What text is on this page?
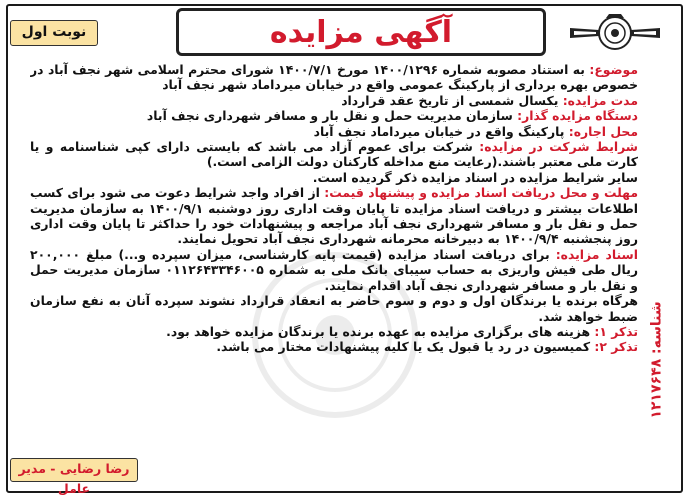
نوبت اول	آگهی مزایده

موضوع: به استناد مصوبه شماره ۱۴۰۰/۱۲۹۶ مورخ ۱۴۰۰/۷/۱ شورای محترم اسلامی شهر نجف آباد در خصوص بهره برداری از پارکینگ عمومی واقع در خیابان میرداماد شهر نجف آباد

مدت مزایده: یکسال شمسی از تاریخ عقد قرارداد

دستگاه مزایده گذار: سازمان مدیریت حمل و نقل بار و مسافر شهرداری نجف آباد

محل اجاره: پارکینگ واقع در خیابان میرداماد نجف آباد

شرایط شرکت در مزایده: شرکت برای عموم آزاد می باشد که بایستی دارای کپی شناسنامه و یا کارت ملی معتبر باشند.(رعایت منع مداخله کارکنان دولت الزامی است.)

سایر شرایط مزایده در اسناد مزایده ذکر گردیده است.

مهلت و محل دریافت اسناد مزایده و پیشنهاد قیمت: از افراد واجد شرایط دعوت می شود برای کسب اطلاعات بیشتر و دریافت اسناد مزایده تا پایان وقت اداری روز دوشنبه ۱۴۰۰/۹/۱ به سازمان مدیریت حمل و نقل بار و مسافر شهرداری نجف آباد مراجعه و پیشنهادات خود را حداکثر تا پایان وقت اداری روز پنجشنبه ۱۴۰۰/۹/۴ به دبیرخانه محرمانه شهرداری نجف آباد تحویل نمایند.

اسناد مزایده: برای دریافت اسناد مزایده (قیمت پایه کارشناسی، میزان سپرده و...) مبلغ ۲۰۰,۰۰۰ ریال طی فیش واریزی به حساب سیبای بانک ملی به شماره ۰۱۱۲۶۴۳۳۴۶۰۰۵ سازمان مدیریت حمل و نقل بار و مسافر شهرداری نجف آباد اقدام نمایند.

هرگاه برنده یا برندگان اول و دوم و سوم حاضر به انعقاد قرارداد نشوند سپرده آنان به نفع سازمان ضبط خواهد شد.

تذکر ۱: هزینه های برگزاری مزایده به عهده برنده یا برندگان مزایده خواهد بود.

تذکر ۲: کمیسیون در رد یا قبول یک یا کلیه پیشنهادات مختار می باشد.

شناسه: ۱۲۱۷۶۴۸
رضا رضایی - مدیر عامل
